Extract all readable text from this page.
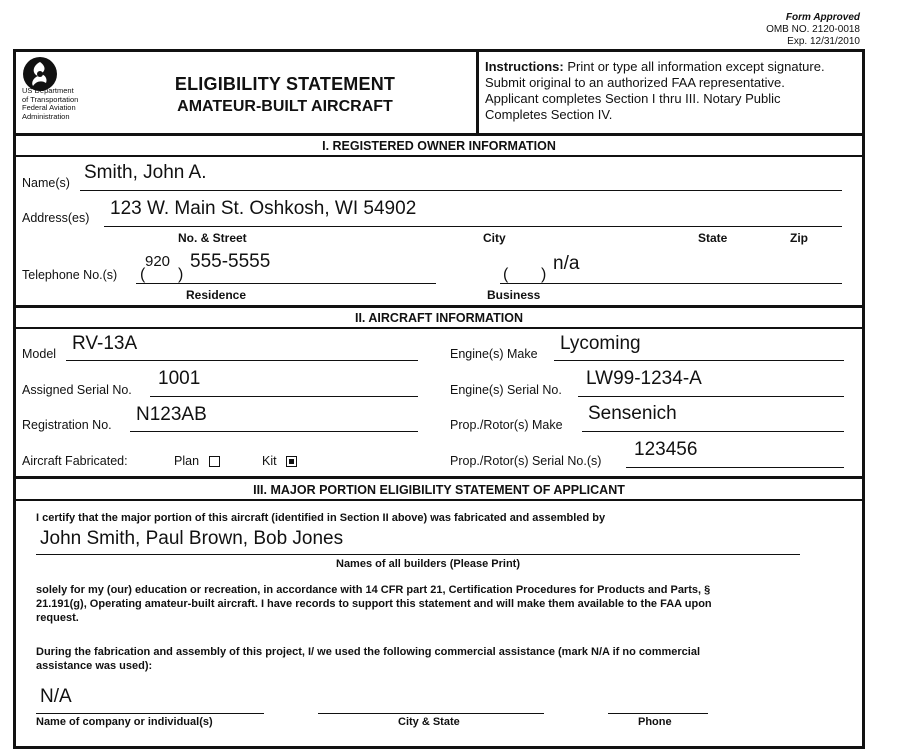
Form Approved
OMB NO. 2120-0018
Exp. 12/31/2010
US Department
of Transportation
Federal Aviation
Administration
ELIGIBILITY STATEMENT
AMATEUR-BUILT AIRCRAFT
Instructions: Print or type all information except signature.
Submit original to an authorized FAA representative.
Applicant completes Section I thru III. Notary Public
Completes Section IV.
I. REGISTERED OWNER INFORMATION
Name(s) Smith, John A.
Address(es) 123 W. Main St. Oshkosh, WI 54902
No. & Street	City	State	Zip
Telephone No.(s) (
920
)
555-5555
( )
n/a
Residence	Business
II. AIRCRAFT INFORMATION
Model RV-13A
Assigned Serial No.
1001
Registration No. N123AB
Aircraft Fabricated:	Plan	Kit
Engine(s) Make Lycoming
Engine(s) Serial No.
LW99-1234-A
Prop./Rotor(s) Make
Sensenich
Prop./Rotor(s) Serial No.(s)
123456
III. MAJOR PORTION ELIGIBILITY STATEMENT OF APPLICANT
I certify that the major portion of this aircraft (identified in Section II above) was fabricated and assembled by
John Smith, Paul Brown, Bob Jones
Names of all builders (Please Print)
solely for my (our) education or recreation, in accordance with 14 CFR part 21, Certification Procedures for Products and Parts, §
21.191(g), Operating amateur-built aircraft. I have records to support this statement and will make them available to the FAA upon
request.
During the fabrication and assembly of this project, I/ we used the following commercial assistance (mark N/A if no commercial
assistance was used):
N/A
Name of company or individual(s)	City & State	Phone
